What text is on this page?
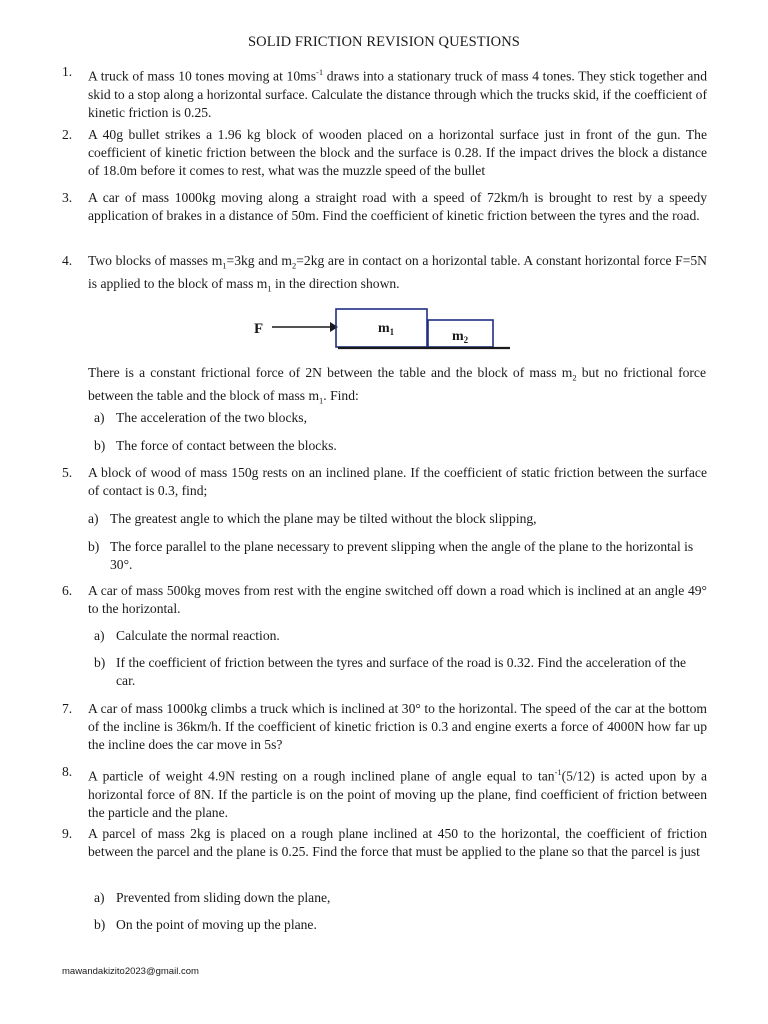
SOLID FRICTION REVISION QUESTIONS
1.	A truck of mass 10 tones moving at $10ms^{-1}$ draws into a stationary truck of mass 4 tones. They stick together and skid to a stop along a horizontal surface. Calculate the distance through which the trucks skid, if the coefficient of kinetic friction is 0.25.
2.	A 40g bullet strikes a 1.96 kg block of wooden placed on a horizontal surface just in front of the gun. The coefficient of kinetic friction between the block and the surface is 0.28. If the impact drives the block a distance of 18.0m before it comes to rest, what was the muzzle speed of the bullet
3.	A car of mass 1000kg moving along a straight road with a speed of 72km/h is brought to rest by a speedy application of brakes in a distance of 50m. Find the coefficient of kinetic friction between the tyres and the road.
4.	Two blocks of masses $m_1=3kg$ and $m_2=2kg$ are in contact on a horizontal table. A constant horizontal force F=5N is applied to the block of mass $m_1$ in the direction shown.
F	$m_1$	$m_2$
There is a constant frictional force of 2N between the table and the block of mass $m_2$ but no frictional force between the table and the block of mass $m_1$. Find:
a) The acceleration of the two blocks,
b) The force of contact between the blocks.
5.	A block of wood of mass 150g rests on an inclined plane. If the coefficient of static friction between the surface of contact is 0.3, find;
a) The greatest angle to which the plane may be tilted without the block slipping,
b) The force parallel to the plane necessary to prevent slipping when the angle of the plane to the horizontal is 30°.
6.	A car of mass 500kg moves from rest with the engine switched off down a road which is inclined at an angle 49° to the horizontal.
a) Calculate the normal reaction.
b) If the coefficient of friction between the tyres and surface of the road is 0.32. Find the acceleration of the car.
7.	A car of mass 1000kg climbs a truck which is inclined at 30° to the horizontal. The speed of the car at the bottom of the incline is 36km/h. If the coefficient of kinetic friction is 0.3 and engine exerts a force of 4000N how far up the incline does the car move in 5s?
8.	A particle of weight 4.9N resting on a rough inclined plane of angle equal to $\tan^{-1}(5/12)$ is acted upon by a horizontal force of 8N. If the particle is on the point of moving up the plane, find coefficient of friction between the particle and the plane.
9.	A parcel of mass 2kg is placed on a rough plane inclined at 450 to the horizontal, the coefficient of friction between the parcel and the plane is 0.25. Find the force that must be applied to the plane so that the parcel is just
a) Prevented from sliding down the plane,
b) On the point of moving up the plane.
mawandakizito2023@gmail.com
